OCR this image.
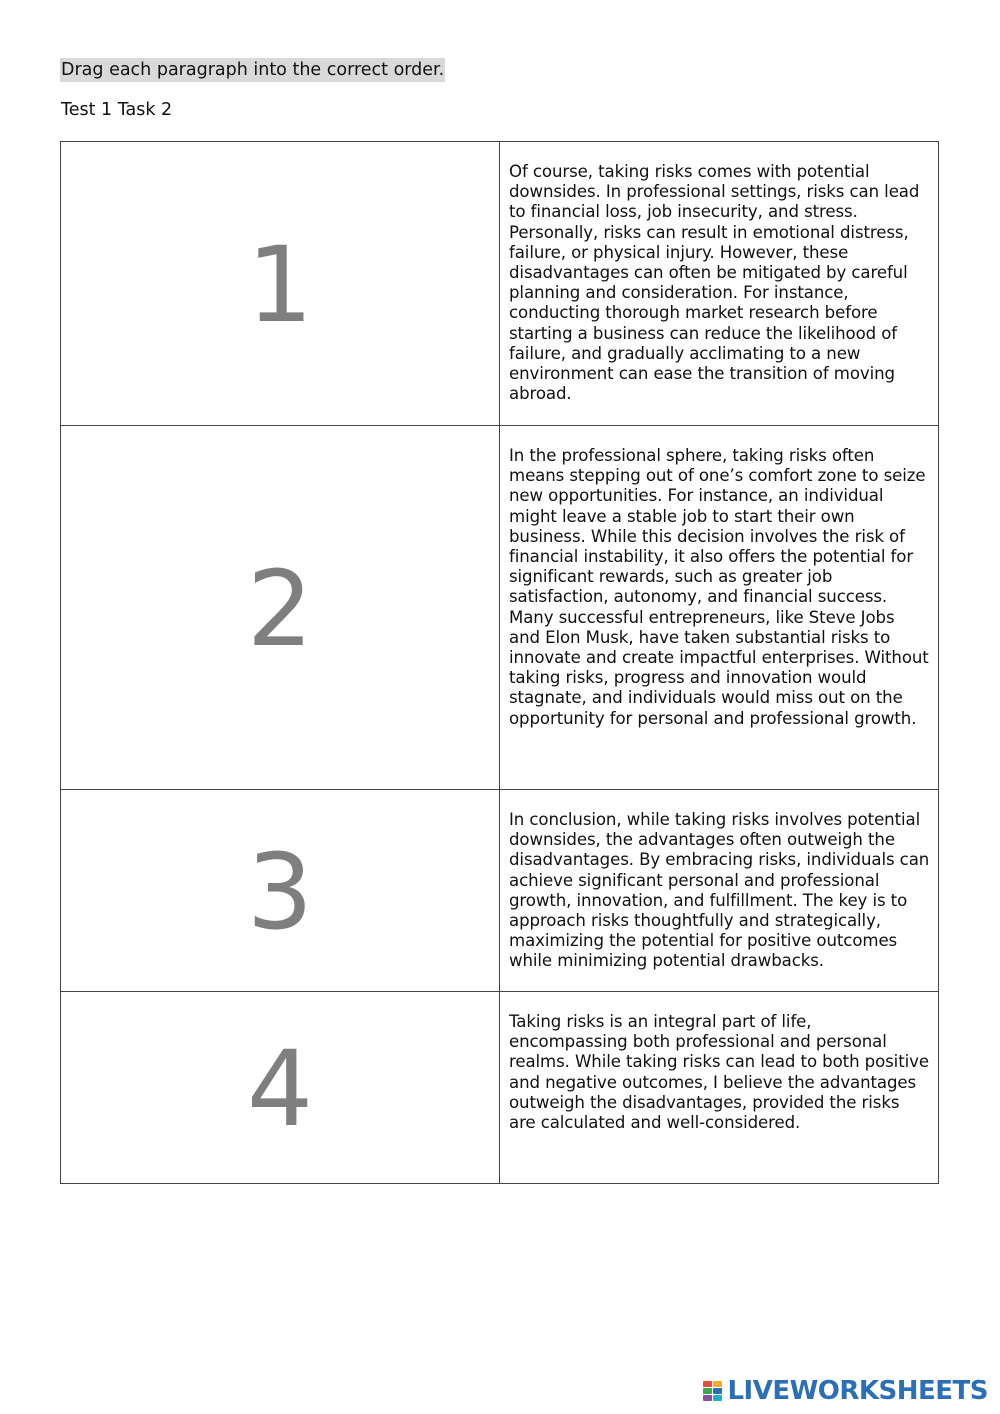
Drag each paragraph into the correct order.
Test 1 Task 2
1

Of course, taking risks comes with potential downsides. In professional settings, risks can lead to financial loss, job insecurity, and stress. Personally, risks can result in emotional distress, failure, or physical injury. However, these disadvantages can often be mitigated by careful planning and consideration. For instance, conducting thorough market research before starting a business can reduce the likelihood of failure, and gradually acclimating to a new environment can ease the transition of moving abroad.

2

In the professional sphere, taking risks often means stepping out of one’s comfort zone to seize new opportunities. For instance, an individual might leave a stable job to start their own business. While this decision involves the risk of financial instability, it also offers the potential for significant rewards, such as greater job satisfaction, autonomy, and financial success. Many successful entrepreneurs, like Steve Jobs and Elon Musk, have taken substantial risks to innovate and create impactful enterprises. Without taking risks, progress and innovation would stagnate, and individuals would miss out on the opportunity for personal and professional growth.

3

In conclusion, while taking risks involves potential downsides, the advantages often outweigh the disadvantages. By embracing risks, individuals can achieve significant personal and professional growth, innovation, and fulfillment. The key is to approach risks thoughtfully and strategically, maximizing the potential for positive outcomes while minimizing potential drawbacks.

4

Taking risks is an integral part of life, encompassing both professional and personal realms. While taking risks can lead to both positive and negative outcomes, I believe the advantages outweigh the disadvantages, provided the risks are calculated and well-considered.

LIVEWORKSHEETS
